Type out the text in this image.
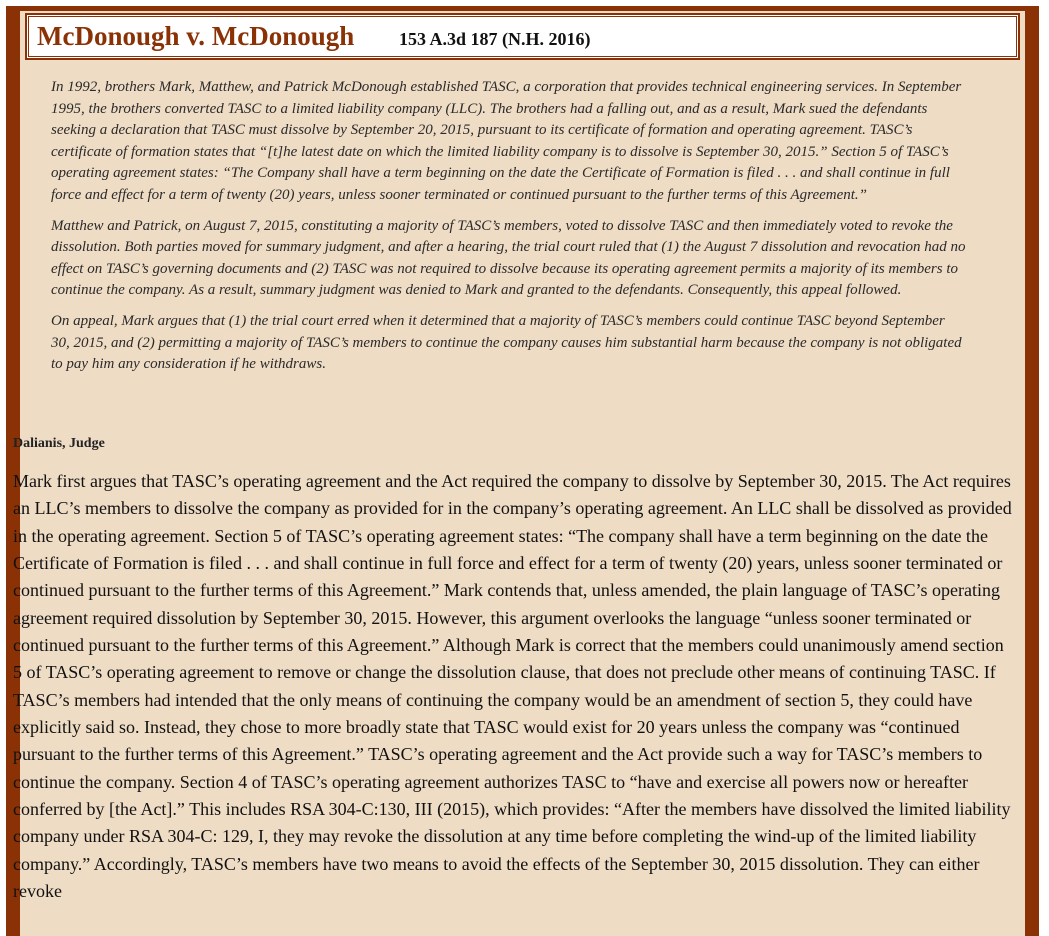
McDonough v. McDonough 153 A.3d 187 (N.H. 2016)

In 1992, brothers Mark, Matthew, and Patrick McDonough established TASC, a corporation that provides technical engineering services. In September 1995, the brothers converted TASC to a limited liability company (LLC). The brothers had a falling out, and as a result, Mark sued the defendants seeking a declaration that TASC must dissolve by September 20, 2015, pursuant to its certificate of formation and operating agreement. TASC’s certificate of formation states that “[t]he latest date on which the limited liability company is to dissolve is September 30, 2015.” Section 5 of TASC’s operating agreement states: “The Company shall have a term beginning on the date the Certificate of Formation is filed . . . and shall continue in full force and effect for a term of twenty (20) years, unless sooner terminated or continued pursuant to the further terms of this Agreement.”

Matthew and Patrick, on August 7, 2015, constituting a majority of TASC’s members, voted to dissolve TASC and then immediately voted to revoke the dissolution. Both parties moved for summary judgment, and after a hearing, the trial court ruled that (1) the August 7 dissolution and revocation had no effect on TASC’s governing documents and (2) TASC was not required to dissolve because its operating agreement permits a majority of its members to continue the company. As a result, summary judgment was denied to Mark and granted to the defendants. Consequently, this appeal followed.

On appeal, Mark argues that (1) the trial court erred when it determined that a majority of TASC’s members could continue TASC beyond September 30, 2015, and (2) permitting a majority of TASC’s members to continue the company causes him substantial harm because the company is not obligated to pay him any consideration if he withdraws.

Dalianis, Judge

Mark first argues that TASC’s operating agreement and the Act required the company to dissolve by September 30, 2015. The Act requires an LLC’s members to dissolve the company as provided for in the company’s operating agreement. An LLC shall be dissolved as provided in the operating agreement. Section 5 of TASC’s operating agreement states: “The company shall have a term beginning on the date the Certificate of Formation is filed . . . and shall continue in full force and effect for a term of twenty (20) years, unless sooner terminated or continued pursuant to the further terms of this Agreement.” Mark contends that, unless amended, the plain language of TASC’s operating agreement required dissolution by September 30, 2015. However, this argument overlooks the language “unless sooner terminated or continued pursuant to the further terms of this Agreement.” Although Mark is correct that the members could unanimously amend section 5 of TASC’s operating agreement to remove or change the dissolution clause, that does not preclude other means of continuing TASC. If TASC’s members had intended that the only means of continuing the company would be an amendment of section 5, they could have explicitly said so. Instead, they chose to more broadly state that TASC would exist for 20 years unless the company was “continued pursuant to the further terms of this Agreement.” TASC’s operating agreement and the Act provide such a way for TASC’s members to continue the company. Section 4 of TASC’s operating agreement authorizes TASC to “have and exercise all powers now or hereafter conferred by [the Act].” This includes RSA 304-C:130, III (2015), which provides: “After the members have dissolved the limited liability company under RSA 304-C: 129, I, they may revoke the dissolution at any time before completing the wind-up of the limited liability company.” Accordingly, TASC’s members have two means to avoid the effects of the September 30, 2015 dissolution. They can either revoke
